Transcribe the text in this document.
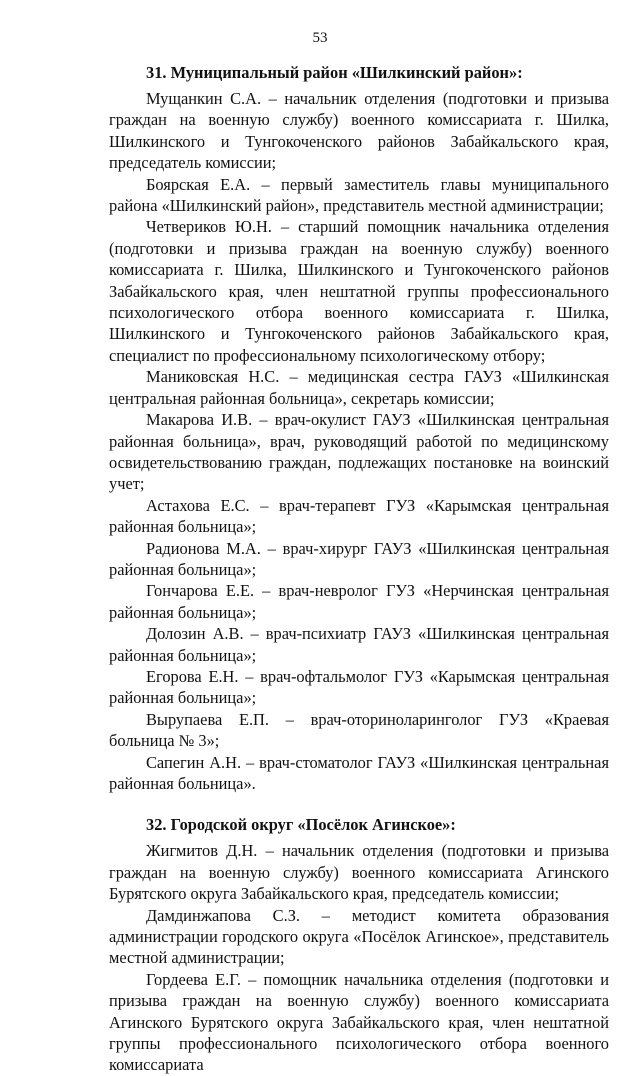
53
31. Муниципальный район «Шилкинский район»:

Мущанкин С.А. – начальник отделения (подготовки и призыва граждан на военную службу) военного комиссариата г. Шилка, Шилкинского и Тунгокоченского районов Забайкальского края, председатель комиссии;

Боярская Е.А. – первый заместитель главы муниципального района «Шилкинский район», представитель местной администрации;

Четвериков Ю.Н. – старший помощник начальника отделения (подготовки и призыва граждан на военную службу) военного комиссариата г. Шилка, Шилкинского и Тунгокоченского районов Забайкальского края, член нештатной группы профессионального психологического отбора военного комиссариата г. Шилка, Шилкинского и Тунгокоченского районов Забайкальского края, специалист по профессиональному психологическому отбору;

Маниковская Н.С. – медицинская сестра ГАУЗ «Шилкинская центральная районная больница», секретарь комиссии;

Макарова И.В. – врач-окулист ГАУЗ «Шилкинская центральная районная больница», врач, руководящий работой по медицинскому освидетельствованию граждан, подлежащих постановке на воинский учет;

Астахова Е.С. – врач-терапевт ГУЗ «Карымская центральная районная больница»;

Радионова М.А. – врач-хирург ГАУЗ «Шилкинская центральная районная больница»;

Гончарова Е.Е. – врач-невролог ГУЗ «Нерчинская центральная районная больница»;

Долозин А.В. – врач-психиатр ГАУЗ «Шилкинская центральная районная больница»;

Егорова Е.Н. – врач-офтальмолог ГУЗ «Карымская центральная районная больница»;

Вырупаева Е.П. – врач-оториноларинголог ГУЗ «Краевая больница № 3»;

Сапегин А.Н. – врач-стоматолог ГАУЗ «Шилкинская центральная районная больница».

32. Городской округ «Посёлок Агинское»:

Жигмитов Д.Н. – начальник отделения (подготовки и призыва граждан на военную службу) военного комиссариата Агинского Бурятского округа Забайкальского края, председатель комиссии;

Дамдинжапова С.З. – методист комитета образования администрации городского округа «Посёлок Агинское», представитель местной администрации;

Гордеева Е.Г. – помощник начальника отделения (подготовки и призыва граждан на военную службу) военного комиссариата Агинского Бурятского округа Забайкальского края, член нештатной группы профессионального психологического отбора военного комиссариата
